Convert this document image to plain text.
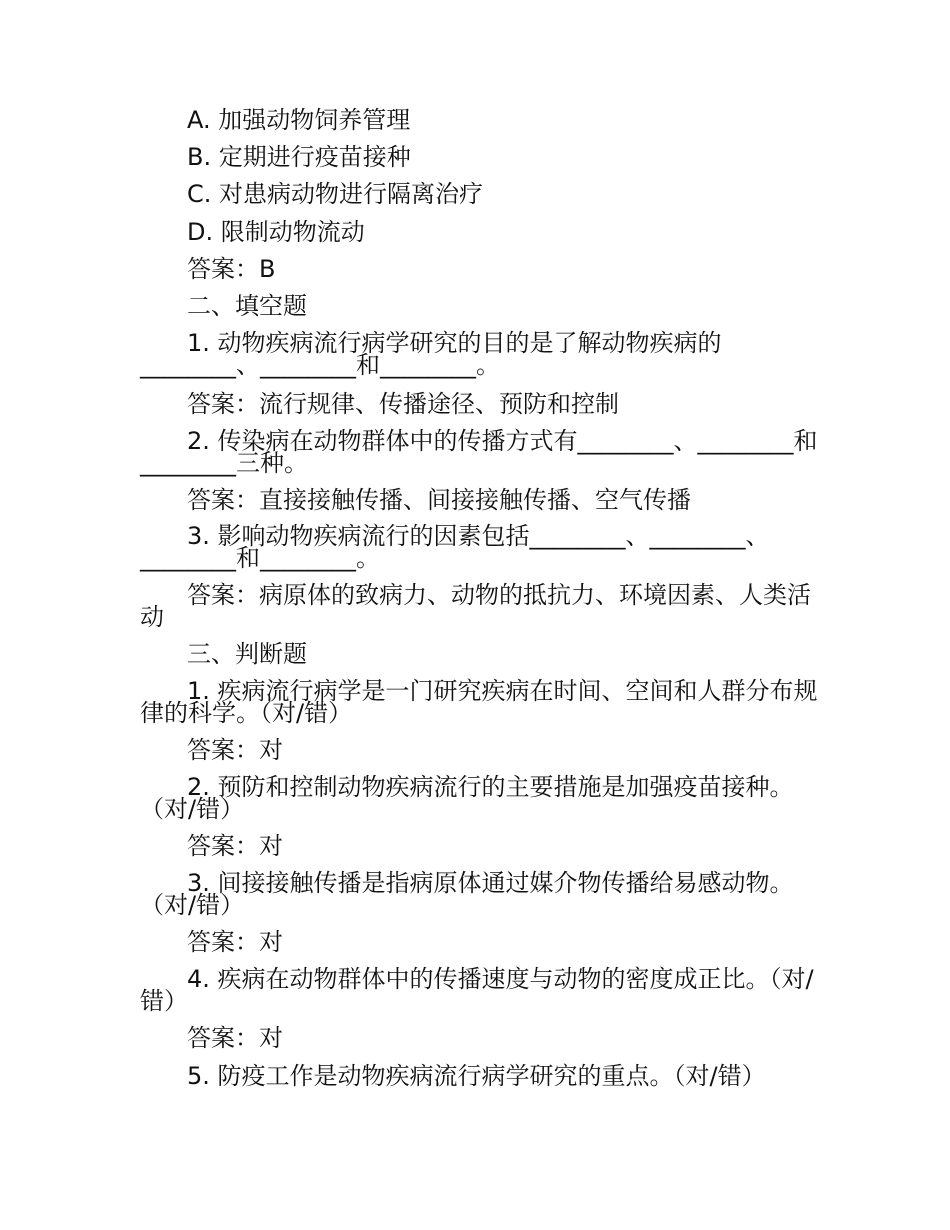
A. 加强动物饲养管理
B. 定期进行疫苗接种
C. 对患病动物进行隔离治疗
D. 限制动物流动
答案：B
二、填空题
1. 动物疾病流行病学研究的目的是了解动物疾病的________、________和________。
答案：流行规律、传播途径、预防和控制
2. 传染病在动物群体中的传播方式有________、________和________三种。
答案：直接接触传播、间接接触传播、空气传播
3. 影响动物疾病流行的因素包括________、________、________和________。
答案：病原体的致病力、动物的抵抗力、环境因素、人类活动
三、判断题
1. 疾病流行病学是一门研究疾病在时间、空间和人群分布规律的科学。（对/错）
答案：对
2. 预防和控制动物疾病流行的主要措施是加强疫苗接种。（对/错）
答案：对
3. 间接接触传播是指病原体通过媒介物传播给易感动物。（对/错）
答案：对
4. 疾病在动物群体中的传播速度与动物的密度成正比。（对/错）
答案：对
5. 防疫工作是动物疾病流行病学研究的重点。（对/错）
